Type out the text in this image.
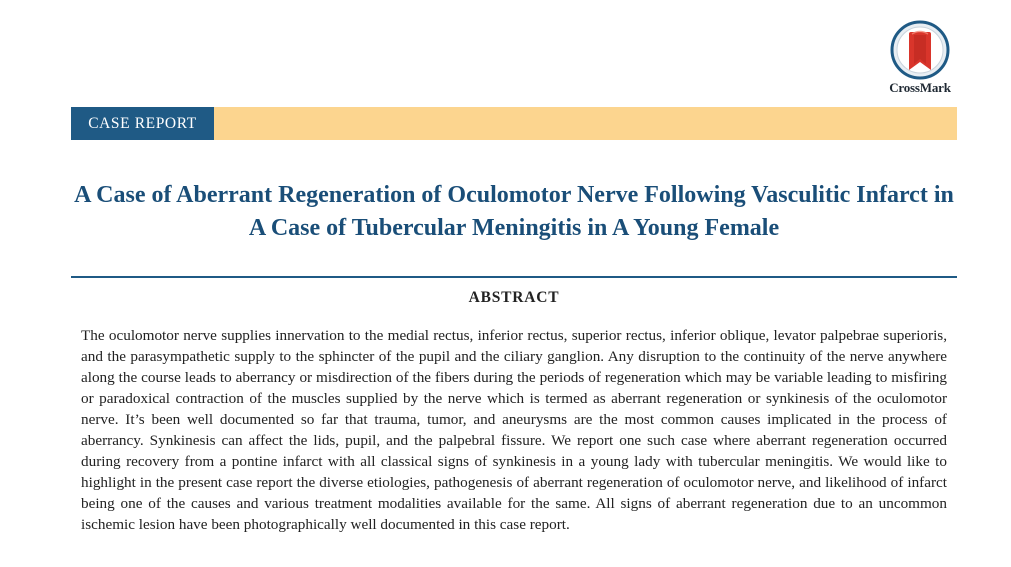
CrossMark
CASE REPORT
A Case of Aberrant Regeneration of Oculomotor Nerve Following Vasculitic Infarct in A Case of Tubercular Meningitis in A Young Female
ABSTRACT

The oculomotor nerve supplies innervation to the medial rectus, inferior rectus, superior rectus, inferior oblique, levator palpebrae superioris, and the parasympathetic supply to the sphincter of the pupil and the ciliary ganglion. Any disruption to the continuity of the nerve anywhere along the course leads to aberrancy or misdirection of the fibers during the periods of regeneration which may be variable leading to misfiring or paradoxical contraction of the muscles supplied by the nerve which is termed as aberrant regeneration or synkinesis of the oculomotor nerve. It’s been well documented so far that trauma, tumor, and aneurysms are the most common causes implicated in the process of aberrancy. Synkinesis can affect the lids, pupil, and the palpebral fissure. We report one such case where aberrant regeneration occurred during recovery from a pontine infarct with all classical signs of synkinesis in a young lady with tubercular meningitis. We would like to highlight in the present case report the diverse etiologies, pathogenesis of aberrant regeneration of oculomotor nerve, and likelihood of infarct being one of the causes and various treatment modalities available for the same. All signs of aberrant regeneration due to an uncommon ischemic lesion have been photographically well documented in this case report.
